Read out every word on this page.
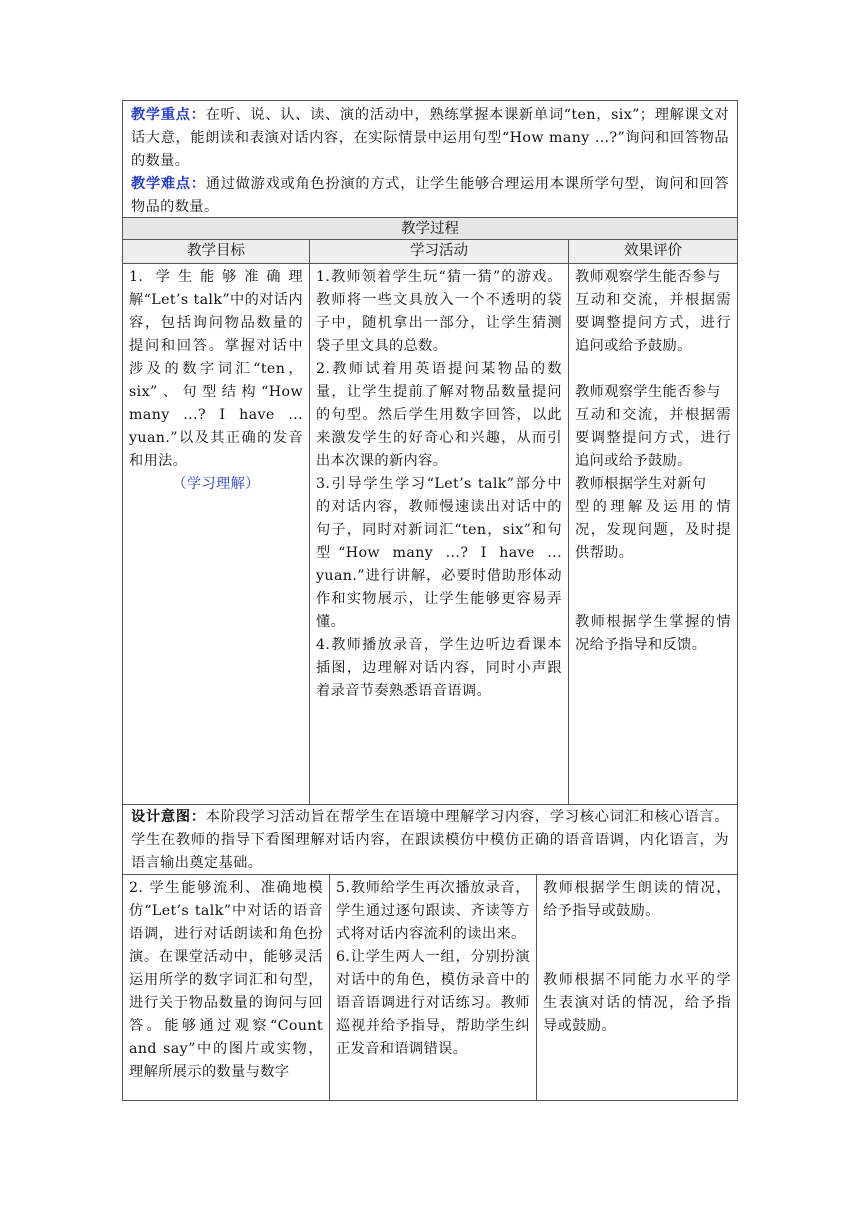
教学重点：在听、说、认、读、演的活动中，熟练掌握本课新单词“ten，six”；理解课文对话大意，能朗读和表演对话内容，在实际情景中运用句型“How many …?”询问和回答物品的数量。

教学难点：通过做游戏或角色扮演的方式，让学生能够合理运用本课所学句型，询问和回答物品的数量。

教学过程
教学目标	学习活动	效果评价

1. 学生能够准确理解“Let’s talk”中的对话内容，包括询问物品数量的提问和回答。掌握对话中涉及的数字词汇“ten，six”、句型结构“How many ...? I have ... yuan.”以及其正确的发音和用法。

（学习理解）

1.教师领着学生玩“猜一猜”的游戏。教师将一些文具放入一个不透明的袋子中，随机拿出一部分，让学生猜测袋子里文具的总数。

2.教师试着用英语提问某物品的数量，让学生提前了解对物品数量提问的句型。然后学生用数字回答，以此来激发学生的好奇心和兴趣，从而引出本次课的新内容。

3.引导学生学习“Let’s talk”部分中的对话内容，教师慢速读出对话中的句子，同时对新词汇“ten，six”和句型“How many ...? I have ... yuan.”进行讲解，必要时借助形体动作和实物展示，让学生能够更容易弄懂。

4.教师播放录音，学生边听边看课本插图，边理解对话内容，同时小声跟着录音节奏熟悉语音语调。

教师观察学生能否参与

互动和交流，并根据需要调整提问方式，进行追问或给予鼓励。

教师观察学生能否参与

互动和交流，并根据需要调整提问方式，进行追问或给予鼓励。

教师根据学生对新句

型的理解及运用的情况，发现问题，及时提供帮助。

教师根据学生掌握的情况给予指导和反馈。

设计意图：本阶段学习活动旨在帮学生在语境中理解学习内容，学习核心词汇和核心语言。学生在教师的指导下看图理解对话内容，在跟读模仿中模仿正确的语音语调，内化语言，为语言输出奠定基础。

2. 学生能够流利、准确地模仿“Let’s talk”中对话的语音语调，进行对话朗读和角色扮演。在课堂活动中，能够灵活运用所学的数字词汇和句型，进行关于物品数量的询问与回答。能够通过观察“Count and say”中的图片或实物，理解所展示的数量与数字

5.教师给学生再次播放录音，学生通过逐句跟读、齐读等方式将对话内容流利的读出来。

6.让学生两人一组，分别扮演对话中的角色，模仿录音中的语音语调进行对话练习。教师巡视并给予指导，帮助学生纠正发音和语调错误。

教师根据学生朗读的情况，给予指导或鼓励。

教师根据不同能力水平的学生表演对话的情况，给予指导或鼓励。
